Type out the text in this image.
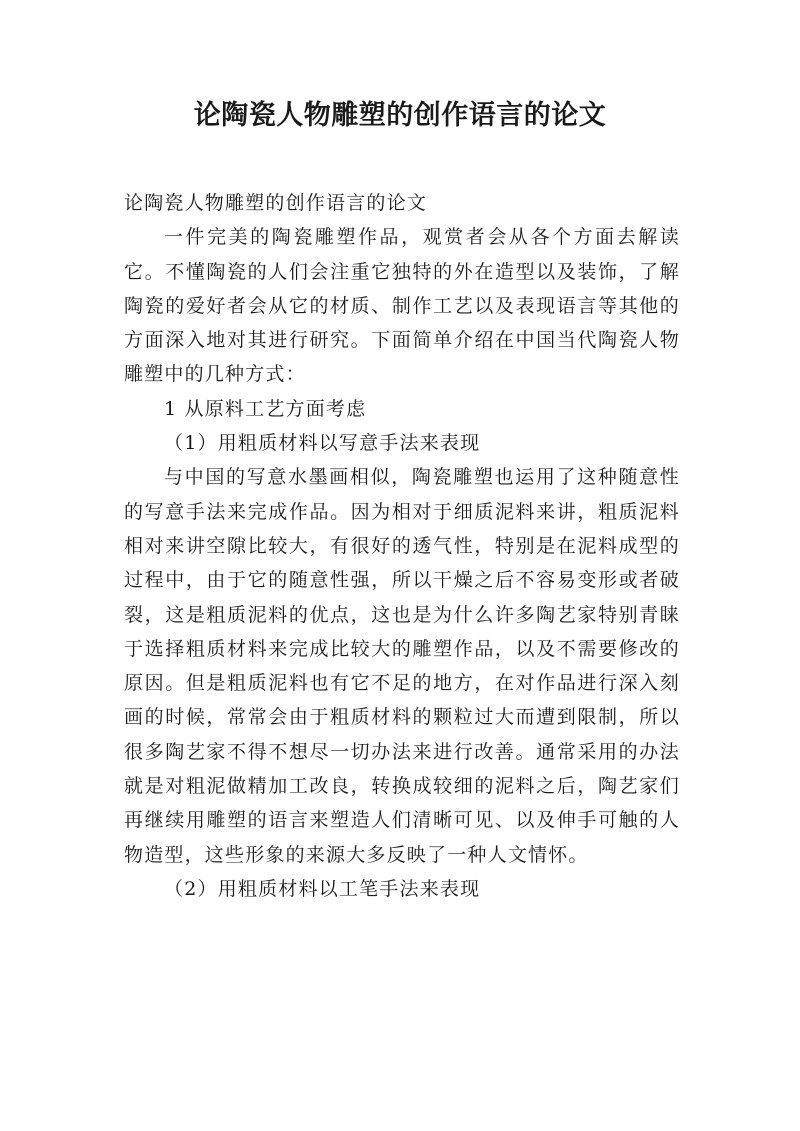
论陶瓷人物雕塑的创作语言的论文

论陶瓷人物雕塑的创作语言的论文

一件完美的陶瓷雕塑作品，观赏者会从各个方面去解读它。不懂陶瓷的人们会注重它独特的外在造型以及装饰，了解陶瓷的爱好者会从它的材质、制作工艺以及表现语言等其他的方面深入地对其进行研究。下面简单介绍在中国当代陶瓷人物雕塑中的几种方式：

1 从原料工艺方面考虑

（1）用粗质材料以写意手法来表现

与中国的写意水墨画相似，陶瓷雕塑也运用了这种随意性的写意手法来完成作品。因为相对于细质泥料来讲，粗质泥料相对来讲空隙比较大，有很好的透气性，特别是在泥料成型的过程中，由于它的随意性强，所以干燥之后不容易变形或者破裂，这是粗质泥料的优点，这也是为什么许多陶艺家特别青睐于选择粗质材料来完成比较大的雕塑作品，以及不需要修改的原因。但是粗质泥料也有它不足的地方，在对作品进行深入刻画的时候，常常会由于粗质材料的颗粒过大而遭到限制，所以很多陶艺家不得不想尽一切办法来进行改善。通常采用的办法就是对粗泥做精加工改良，转换成较细的泥料之后，陶艺家们再继续用雕塑的语言来塑造人们清晰可见、以及伸手可触的人物造型，这些形象的来源大多反映了一种人文情怀。

（2）用粗质材料以工笔手法来表现
